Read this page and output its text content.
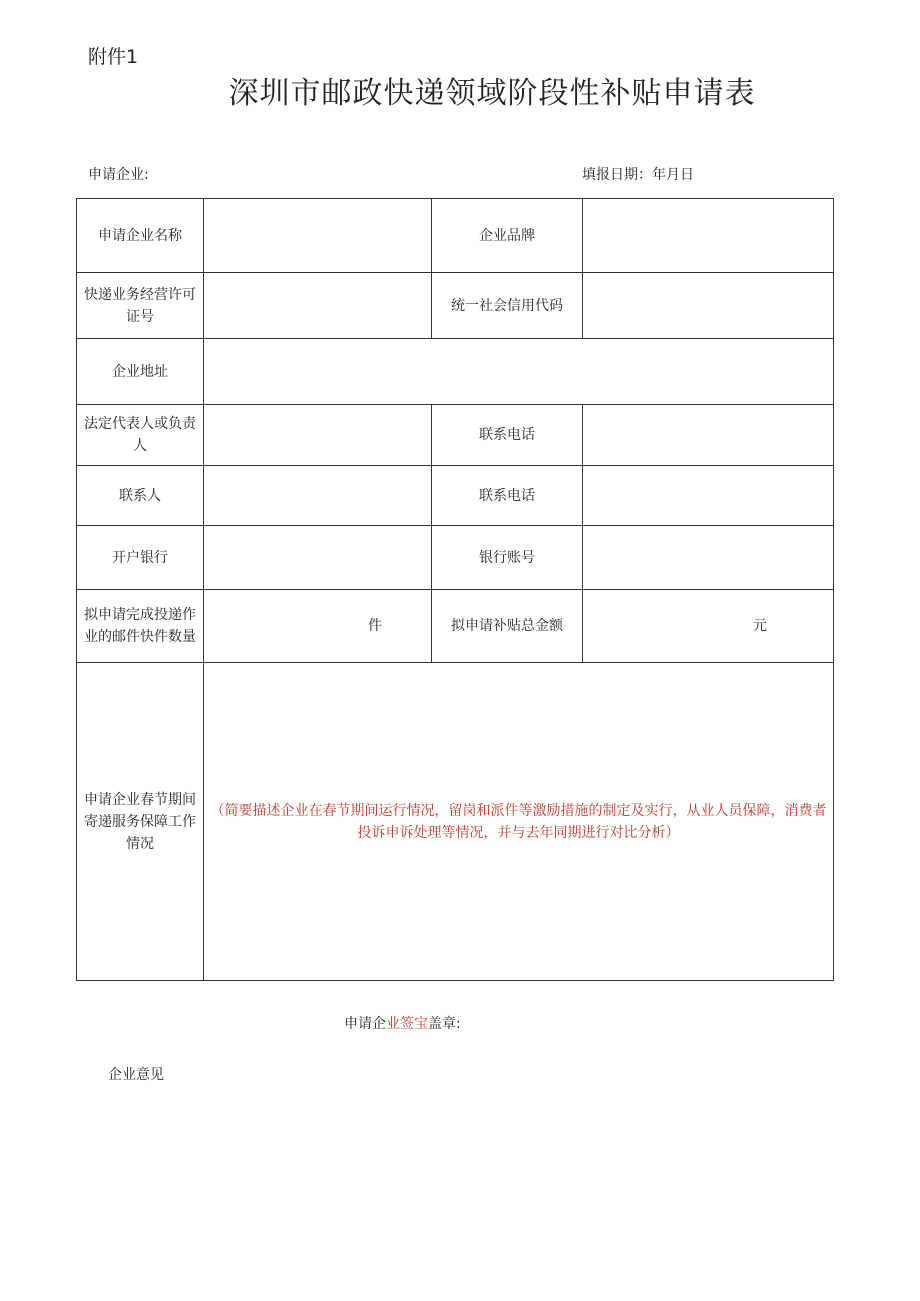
附件1
深圳市邮政快递领域阶段性补贴申请表
申请企业:	填报日期：年月日
申请企业名称		企业品牌	
快递业务经营许可证号		统一社会信用代码	
企业地址			
法定代表人或负责人		联系电话	
联系人		联系电话	
开户银行		银行账号	
拟申请完成投递作业的邮件快件数量	件	拟申请补贴总金额	元

申请企业春节期间寄递服务保障工作情况	（简要描述企业在春节期间运行情况，留岗和派件等激励措施的制定及实行，从业人员保障，消费者投诉申诉处理等情况，并与去年同期进行对比分析）		
申请企业签宝盖章:
企业意见
